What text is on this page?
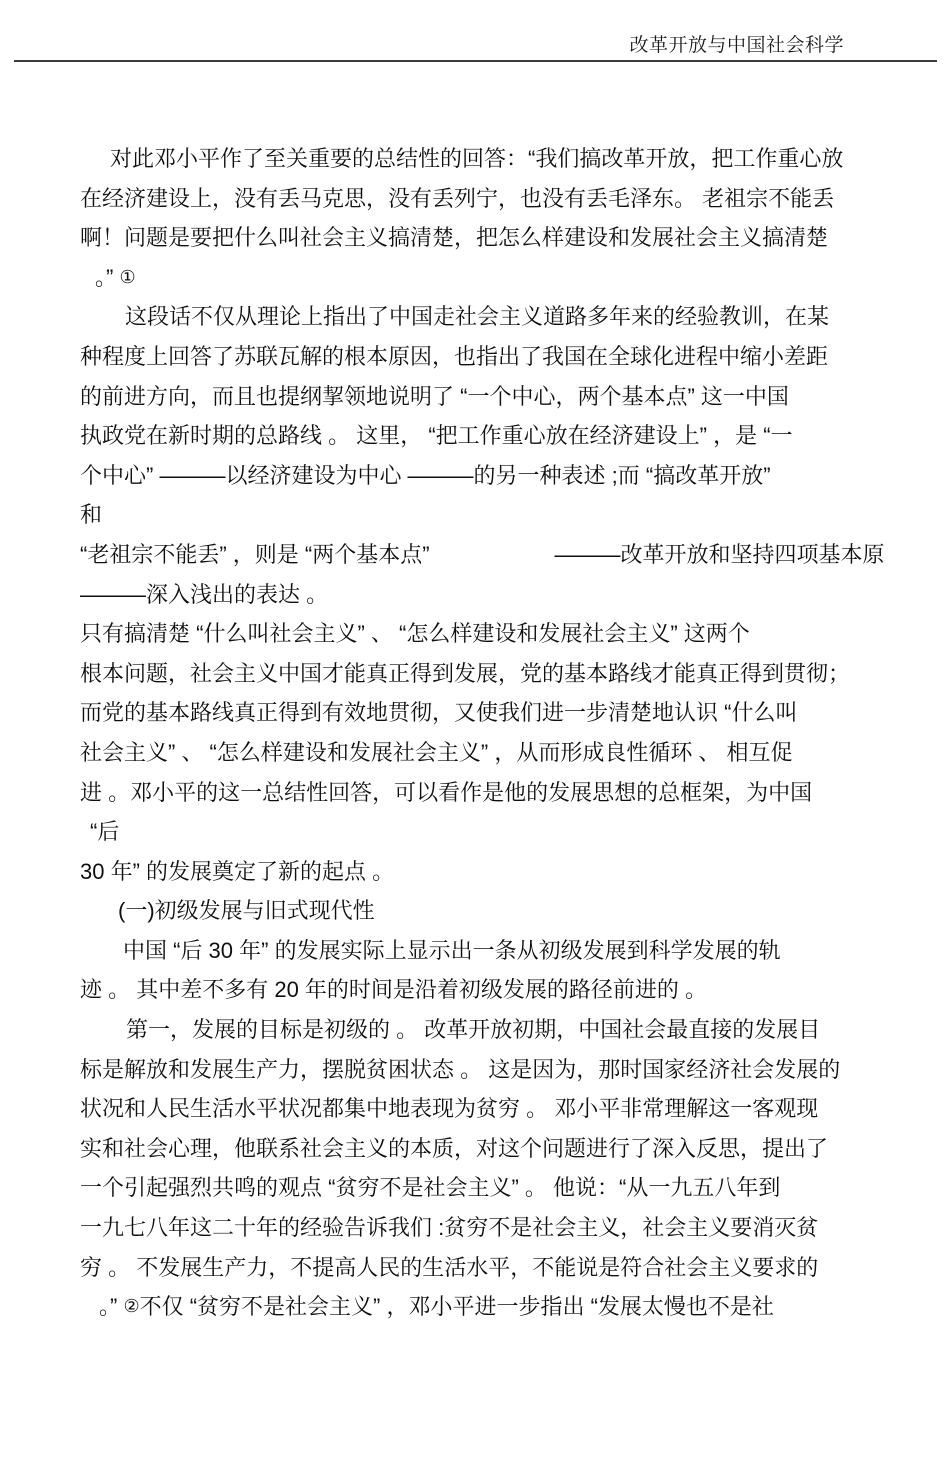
改革开放与中国社会科学
对此邓小平作了至关重要的总结性的回答：“我们搞改革开放，把工作重心放
在经济建设上，没有丢马克思，没有丢列宁，也没有丢毛泽东。 老祖宗不能丢
啊！问题是要把什么叫社会主义搞清楚，把怎么样建设和发展社会主义搞清楚
。” ①
这段话不仅从理论上指出了中国走社会主义道路多年来的经验教训，在某
种程度上回答了苏联瓦解的根本原因，也指出了我国在全球化进程中缩小差距
的前进方向，而且也提纲挈领地说明了 “一个中心，两个基本点” 这一中国
执政党在新时期的总路线 。 这里， “把工作重心放在经济建设上” ，是 “一
个中心” ———以经济建设为中心 ———的另一种表述 ;而 “搞改革开放”
和
“老祖宗不能丢” ，则是 “两个基本点”	———改革开放和坚持四项基本原
———深入浅出的表达 。
只有搞清楚 “什么叫社会主义” 、 “怎么样建设和发展社会主义” 这两个
根本问题，社会主义中国才能真正得到发展，党的基本路线才能真正得到贯彻；
而党的基本路线真正得到有效地贯彻，又使我们进一步清楚地认识 “什么叫
社会主义” 、 “怎么样建设和发展社会主义” ，从而形成良性循环 、 相互促
进 。邓小平的这一总结性回答，可以看作是他的发展思想的总框架，为中国
“后
30 年” 的发展奠定了新的起点 。
(一)初级发展与旧式现代性
中国 “后 30 年” 的发展实际上显示出一条从初级发展到科学发展的轨
迹 。 其中差不多有 20 年的时间是沿着初级发展的路径前进的 。
第一，发展的目标是初级的 。 改革开放初期，中国社会最直接的发展目
标是解放和发展生产力，摆脱贫困状态 。 这是因为，那时国家经济社会发展的
状况和人民生活水平状况都集中地表现为贫穷 。 邓小平非常理解这一客观现
实和社会心理，他联系社会主义的本质，对这个问题进行了深入反思，提出了
一个引起强烈共鸣的观点 “贫穷不是社会主义” 。 他说：“从一九五八年到
一九七八年这二十年的经验告诉我们 :贫穷不是社会主义，社会主义要消灭贫
穷 。 不发展生产力，不提高人民的生活水平，不能说是符合社会主义要求的
。” ②不仅 “贫穷不是社会主义” ，邓小平进一步指出 “发展太慢也不是社
